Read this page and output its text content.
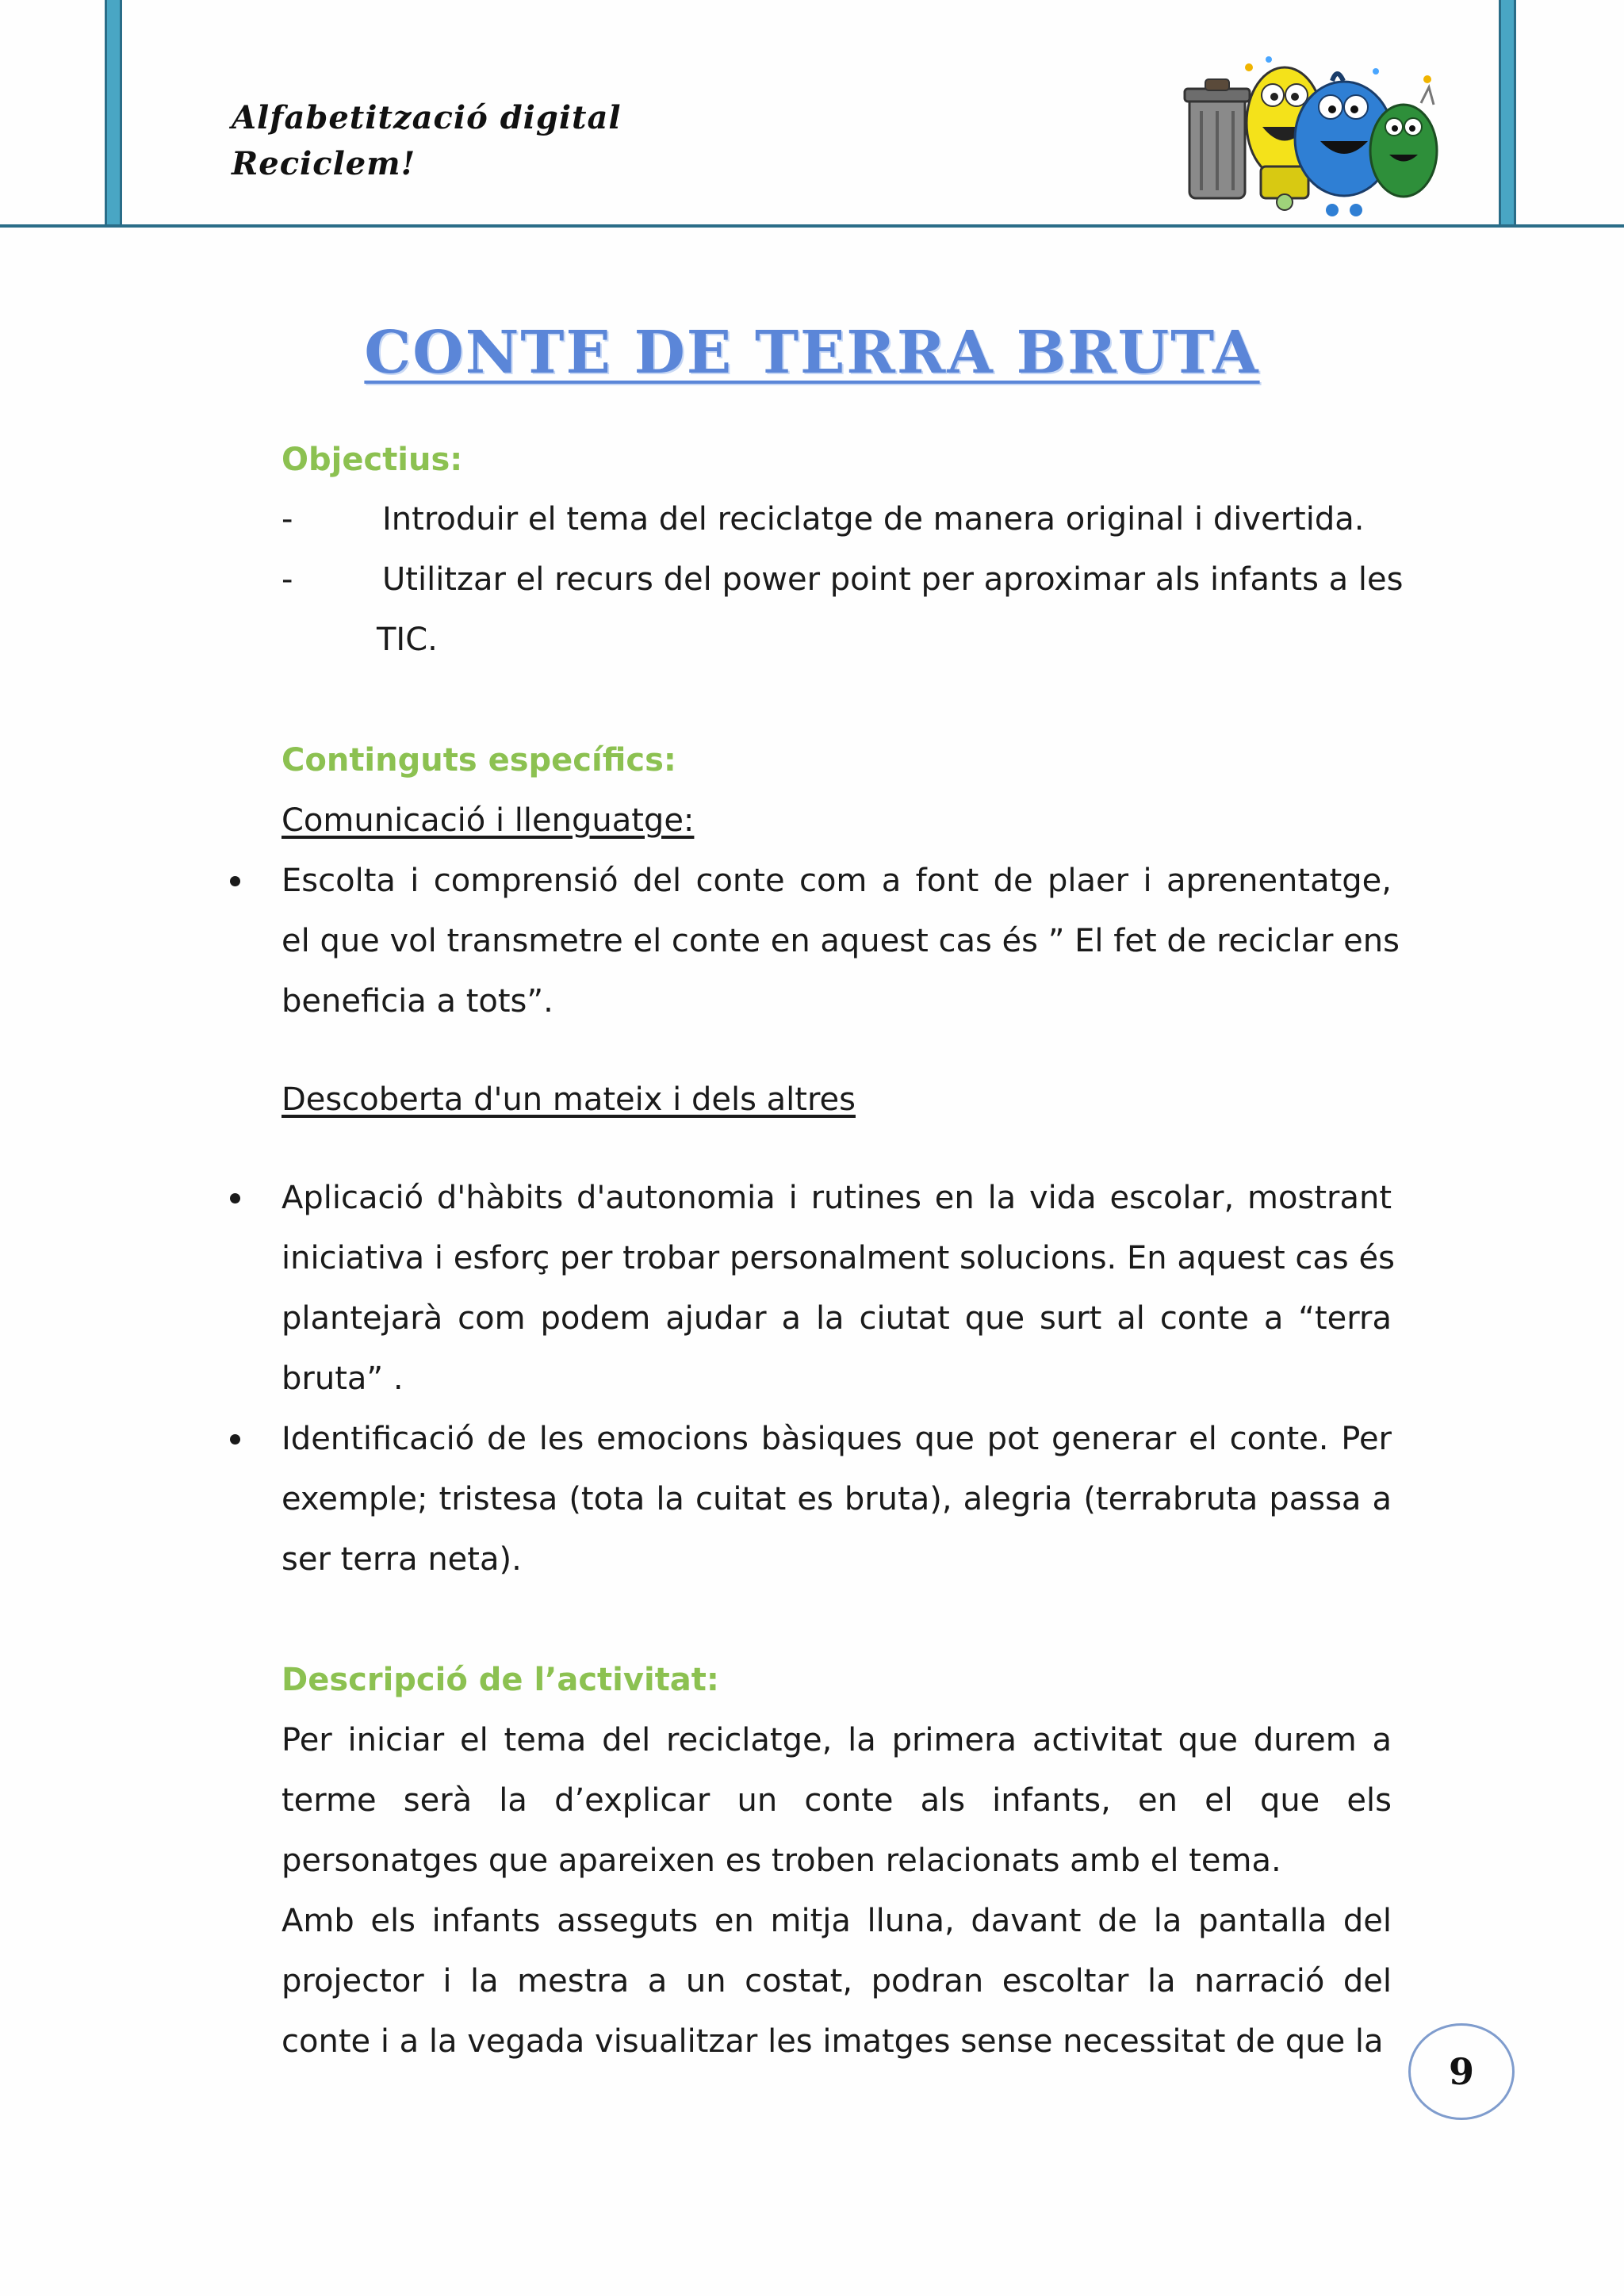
Alfabetització digital
Reciclem!
CONTE DE TERRA BRUTA
Objectius:
-	Introduir el tema del reciclatge de manera original i divertida.
-	Utilitzar el recurs del power point per aproximar als infants a les
TIC.
Continguts específics:
Comunicació i llenguatge:
Escolta i comprensió del conte com a font de plaer i aprenentatge,
el que vol transmetre el conte en aquest cas és ” El fet de reciclar ens
beneficia a tots”.
Descoberta d'un mateix i dels altres
Aplicació d'hàbits d'autonomia i rutines en la vida escolar, mostrant
iniciativa i esforç per trobar personalment solucions. En aquest cas és
plantejarà com podem ajudar a la ciutat que surt al conte a “terra
bruta” .
Identificació de les emocions bàsiques que pot generar el conte. Per
exemple; tristesa (tota la cuitat es bruta), alegria (terrabruta passa a
ser terra neta).
Descripció de l’activitat:
Per iniciar el tema del reciclatge, la primera activitat que durem a
terme serà la d’explicar un conte als infants, en el que els
personatges que apareixen es troben relacionats amb el tema.
Amb els infants asseguts en mitja lluna, davant de la pantalla del
projector i la mestra a un costat, podran escoltar la narració del
conte i a la vegada visualitzar les imatges sense necessitat de que la
9
